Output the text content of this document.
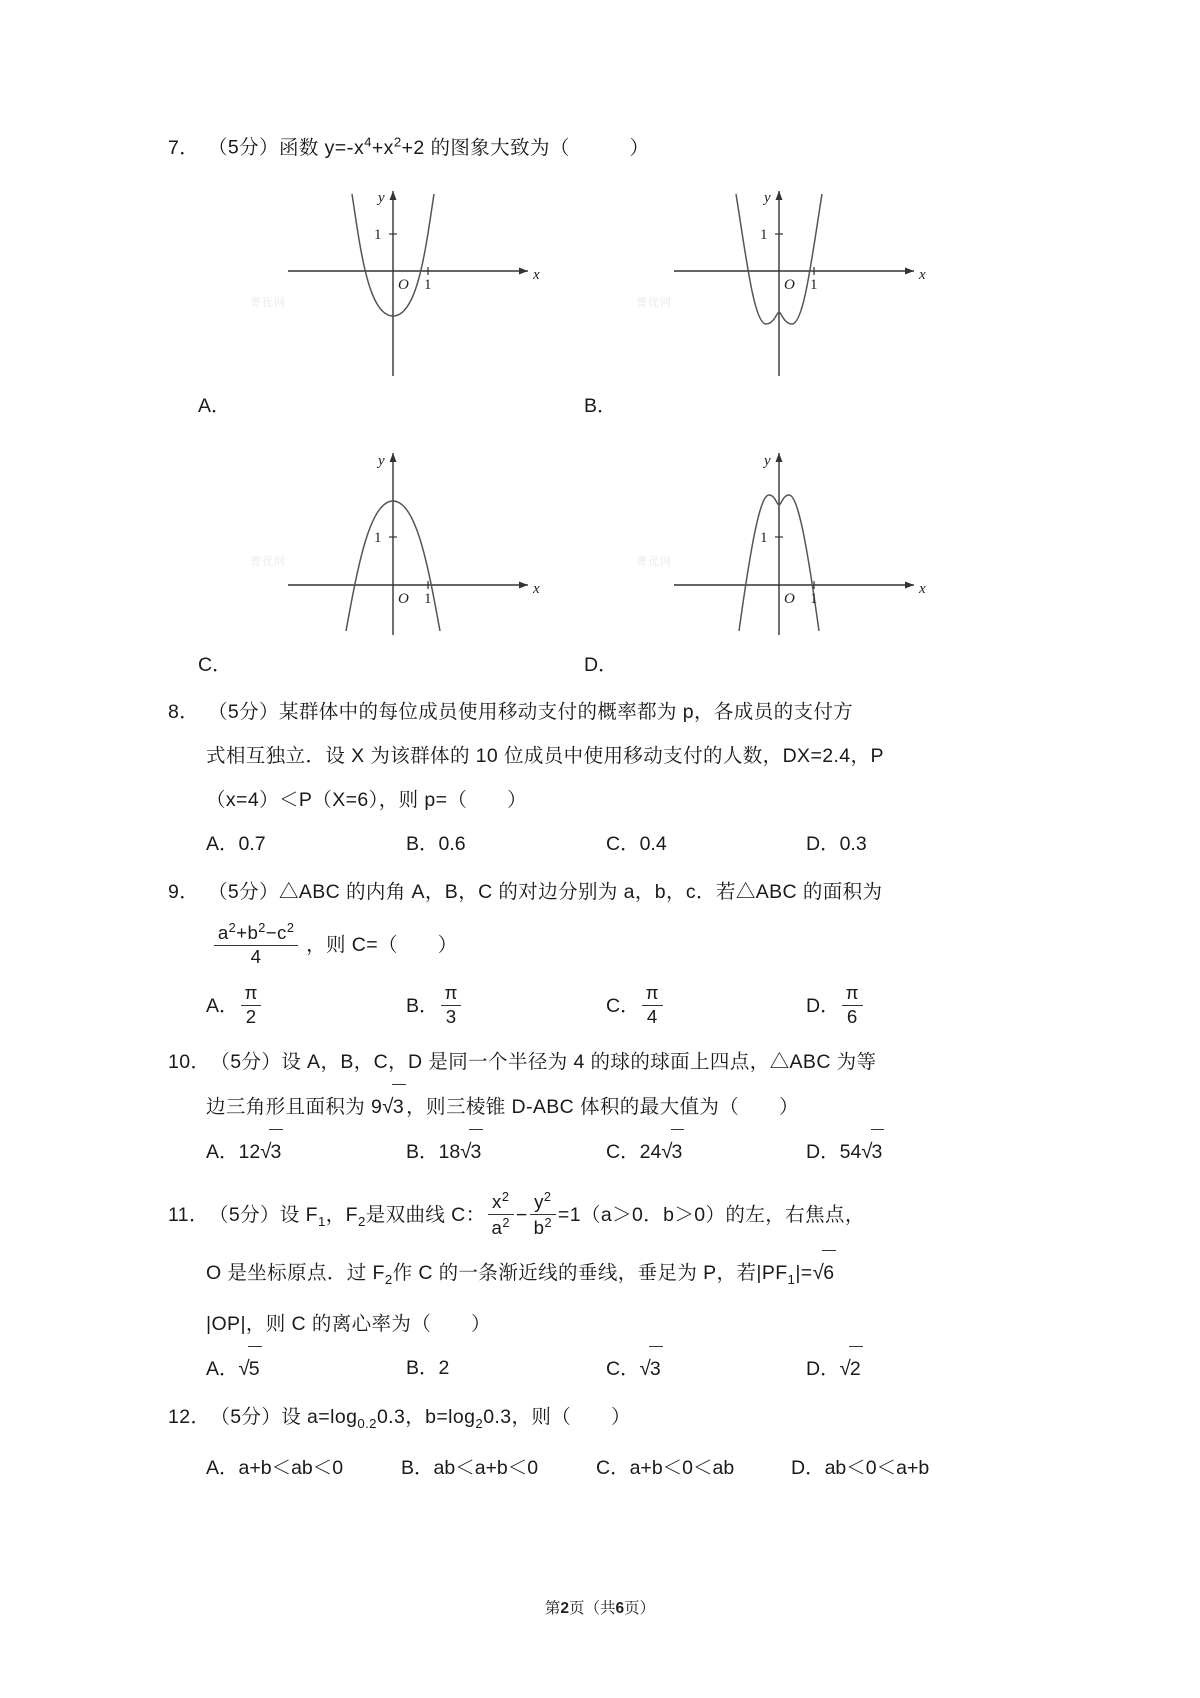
7． （5分）函数 $y=‐x^4+x^2+2$ 的图象大致为（　　　）
菁优网
O 1
1
x
y
菁优网
O 1
1
x
y
A．	B．
菁优网
O 1
1
x
y
菁优网
O 1
1
x
y
C．	D．
8． （5分）某群体中的每位成员使用移动支付的概率都为 p，各成员的支付方
式相互独立．设 X 为该群体的 10 位成员中使用移动支付的人数，DX=2.4，P
（x=4）＜P（X=6），则 p=（　　）
A．0.7	B．0.6	C．0.4	D．0.3
9． （5分）△ABC 的内角 A，B，C 的对边分别为 a，b，c．若△ABC 的面积为

$\frac{a^2+b^2-c^2}{4}$ ，则 C=（　　）
A． $\frac{\pi}{2}$	B． $\frac{\pi}{3}$	C． $\frac{\pi}{4}$	D． $\frac{\pi}{6}$
10．（5分）设 A，B，C，D 是同一个半径为 4 的球的球面上四点，△ABC 为等
边三角形且面积为 9√3 ，则三棱锥 D‐ABC 体积的最大值为（　　）
A．12√3	B．18√3	C．24√3	D．54√3
11．（5分）设 $F_1$，$F_2$是双曲线 C： $\frac{x^2}{a^2} - \frac{y^2}{b^2} =1(a>0$．b＞0）的左，右焦点，
O 是坐标原点．过 $F_2$作 C 的一条渐近线的垂线，垂足为 P，若$|PF_1|=√6$
|OP|，则 C 的离心率为（　　）
A．√5	B．2	C．√3	D．√2
12．（5分）设 $a=\log_{0.2}0.3$，$b=\log_20.3$，则（　　）
A．a+b＜ab＜0	B．ab＜a+b＜0	C．a+b＜0＜ab	D．ab＜0＜a+b
第2页（共6页）
